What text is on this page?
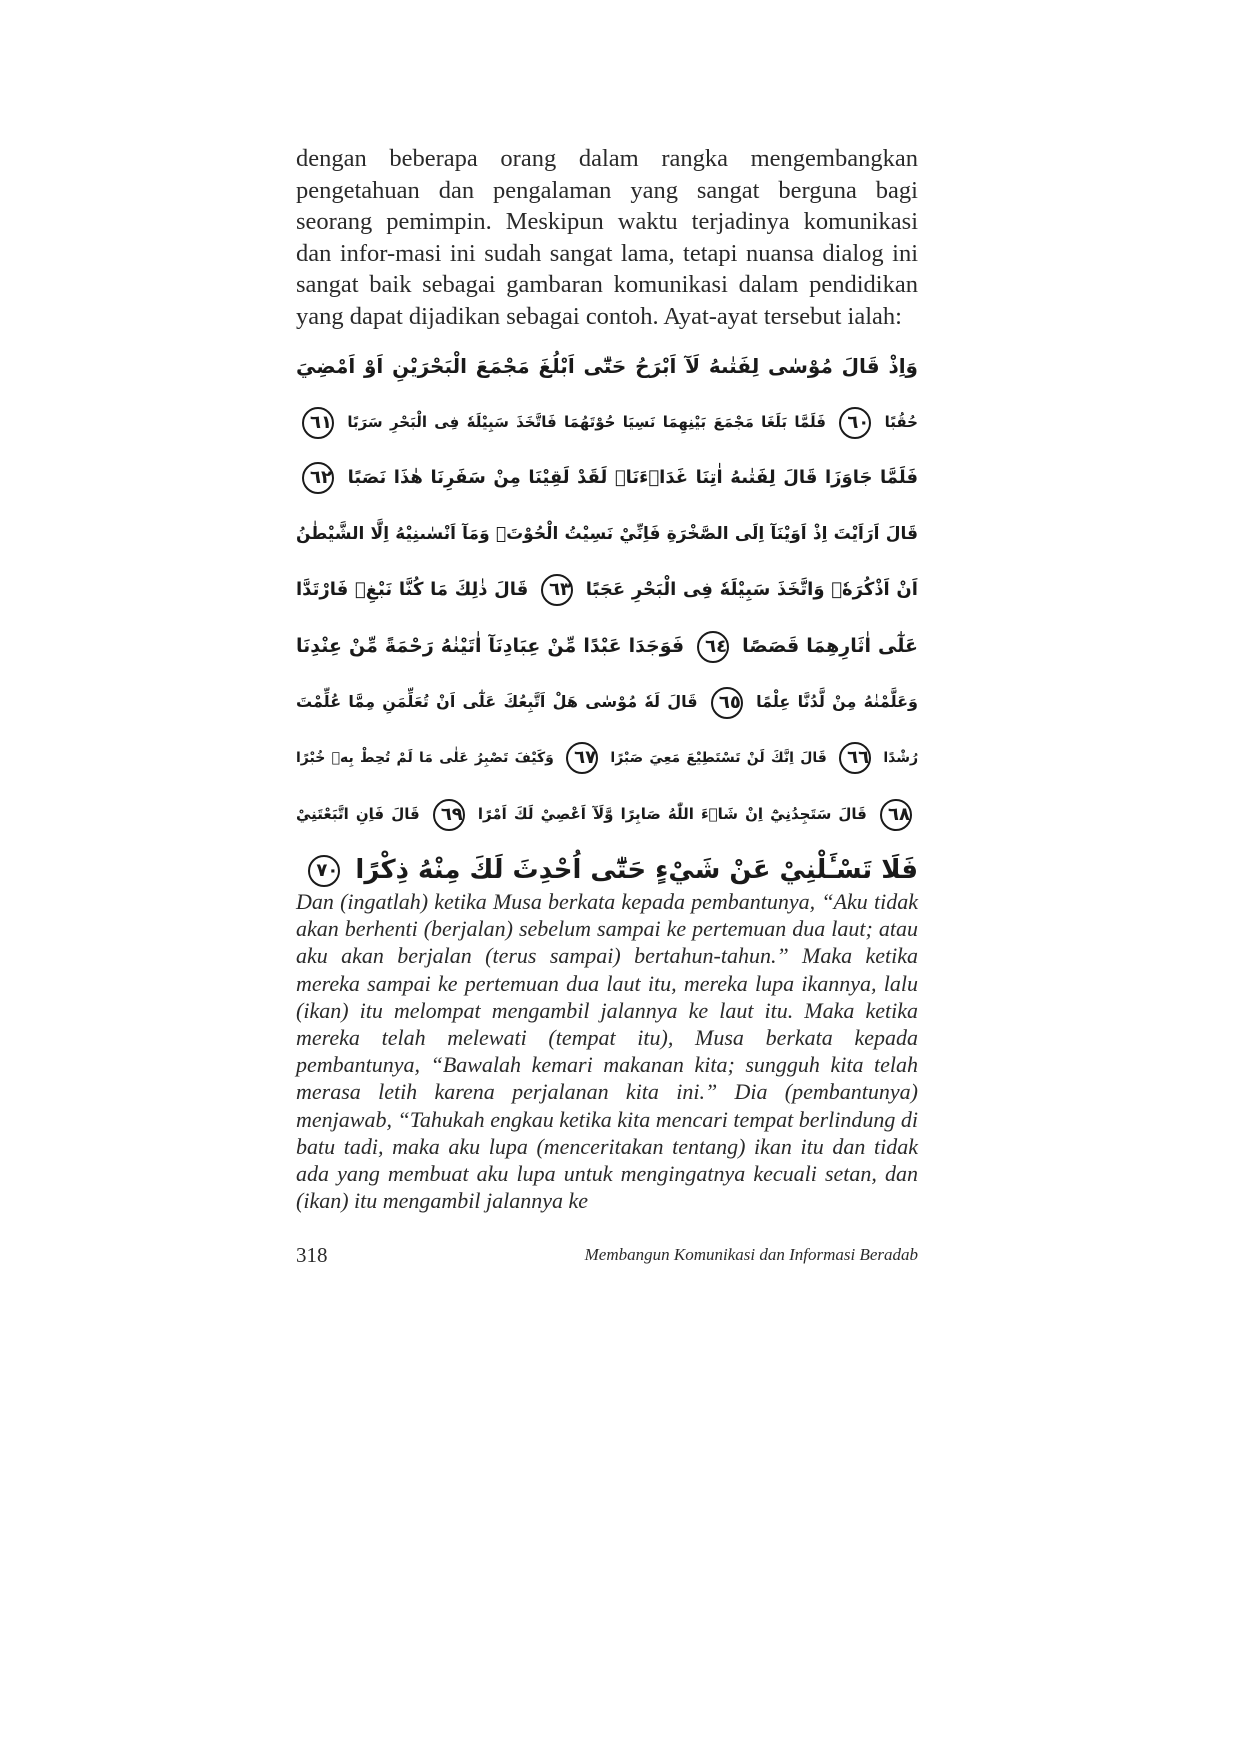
dengan beberapa orang dalam rangka mengembangkan pengetahuan dan pengalaman yang sangat berguna bagi seorang pemimpin. Meskipun waktu terjadinya komunikasi dan infor-masi ini sudah sangat lama, tetapi nuansa dialog ini sangat baik sebagai gambaran komunikasi dalam pendidikan yang dapat dijadikan sebagai contoh. Ayat-ayat tersebut ialah:

وَاِذْ قَالَ مُوْسٰى لِفَتٰىهُ لَآ اَبْرَحُ حَتّٰٓى اَبْلُغَ مَجْمَعَ الْبَحْرَيْنِ اَوْ اَمْضِيَ
حُقُبًا ٦٠ فَلَمَّا بَلَغَا مَجْمَعَ بَيْنِهِمَا نَسِيَا حُوْتَهُمَا فَاتَّخَذَ سَبِيْلَهٗ فِى الْبَحْرِ سَرَبًا ٦١
فَلَمَّا جَاوَزَا قَالَ لِفَتٰىهُ اٰتِنَا غَدَاۤءَنَاۖ لَقَدْ لَقِيْنَا مِنْ سَفَرِنَا هٰذَا نَصَبًا ٦٢
قَالَ اَرَاَيْتَ اِذْ اَوَيْنَآ اِلَى الصَّخْرَةِ فَاِنِّيْ نَسِيْتُ الْحُوْتَۖ وَمَآ اَنْسٰىنِيْهُ اِلَّا الشَّيْطٰنُ
اَنْ اَذْكُرَهٗۚ وَاتَّخَذَ سَبِيْلَهٗ فِى الْبَحْرِ عَجَبًا ٦٣ قَالَ ذٰلِكَ مَا كُنَّا نَبْغِۖ فَارْتَدَّا
عَلٰٓى اٰثَارِهِمَا قَصَصًا ٦٤ فَوَجَدَا عَبْدًا مِّنْ عِبَادِنَآ اٰتَيْنٰهُ رَحْمَةً مِّنْ عِنْدِنَا
وَعَلَّمْنٰهُ مِنْ لَّدُنَّا عِلْمًا ٦٥ قَالَ لَهٗ مُوْسٰى هَلْ اَتَّبِعُكَ عَلٰٓى اَنْ تُعَلِّمَنِ مِمَّا عُلِّمْتَ
رُشْدًا ٦٦ قَالَ اِنَّكَ لَنْ تَسْتَطِيْعَ مَعِيَ صَبْرًا ٦٧ وَكَيْفَ تَصْبِرُ عَلٰى مَا لَمْ تُحِطْ بِهٖ خُبْرًا
٦٨ قَالَ سَتَجِدُنِيْٓ اِنْ شَاۤءَ اللّٰهُ صَابِرًا وَّلَآ اَعْصِيْ لَكَ اَمْرًا ٦٩ قَالَ فَاِنِ اتَّبَعْتَنِيْ
فَلَا تَسْـَٔلْنِيْ عَنْ شَيْءٍ حَتّٰٓى اُحْدِثَ لَكَ مِنْهُ ذِكْرًا ٧٠

Dan (ingatlah) ketika Musa berkata kepada pembantunya, “Aku tidak akan berhenti (berjalan) sebelum sampai ke pertemuan dua laut; atau aku akan berjalan (terus sampai) bertahun-tahun.” Maka ketika mereka sampai ke pertemuan dua laut itu, mereka lupa ikannya, lalu (ikan) itu melompat mengambil jalannya ke laut itu. Maka ketika mereka telah melewati (tempat itu), Musa berkata kepada pembantunya, “Bawalah kemari makanan kita; sungguh kita telah merasa letih karena perjalanan kita ini.” Dia (pembantunya) menjawab, “Tahukah engkau ketika kita mencari tempat berlindung di batu tadi, maka aku lupa (menceritakan tentang) ikan itu dan tidak ada yang membuat aku lupa untuk mengingatnya kecuali setan, dan (ikan) itu mengambil jalannya ke

318	Membangun Komunikasi dan Informasi Beradab
